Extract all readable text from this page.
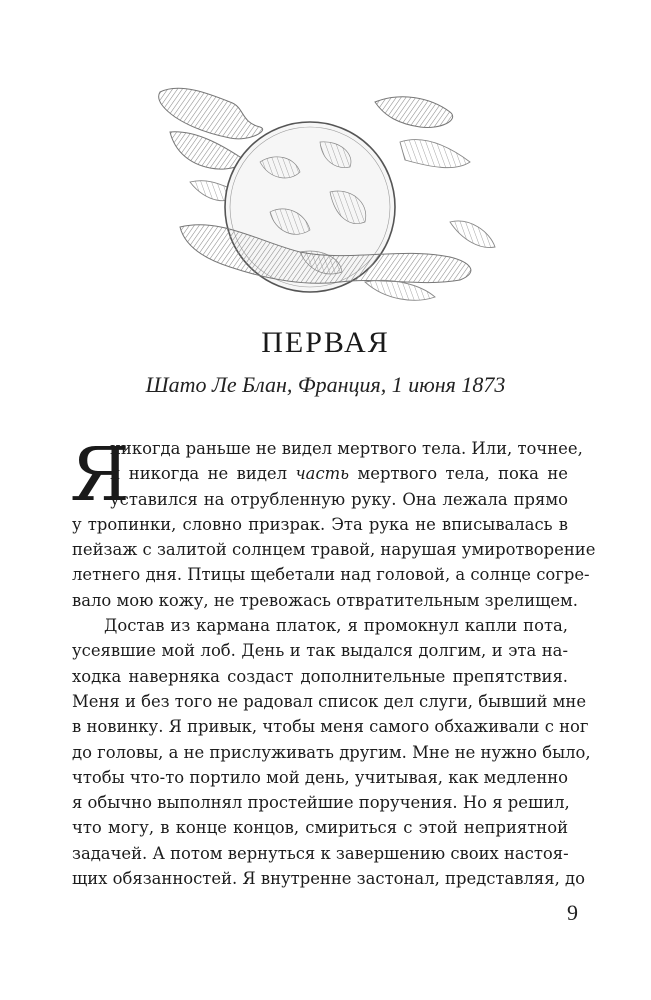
ПЕРВАЯ

Шато Ле Блан, Франция, 1 июня 1873

Я
никогда раньше не видел мертвого тела. Или, точнее,
я никогда не видел часть мертвого тела, пока не
уставился на отрубленную руку. Она лежала прямо
у тропинки, словно призрак. Эта рука не вписывалась в
пейзаж с залитой солнцем травой, нарушая умиротворение
летнего дня. Птицы щебетали над головой, а солнце согре-
вало мою кожу, не тревожась отвратительным зрелищем.
Достав из кармана платок, я промокнул капли пота,
усеявшие мой лоб. День и так выдался долгим, и эта на-
ходка наверняка создаст дополнительные препятствия.
Меня и без того не радовал список дел слуги, бывший мне
в новинку. Я привык, чтобы меня самого обхаживали с ног
до головы, а не прислуживать другим. Мне не нужно было,
чтобы что-то портило мой день, учитывая, как медленно
я обычно выполнял простейшие поручения. Но я решил,
что могу, в конце концов, смириться с этой неприятной
задачей. А потом вернуться к завершению своих настоя-
щих обязанностей. Я внутренне застонал, представляя, до
9
